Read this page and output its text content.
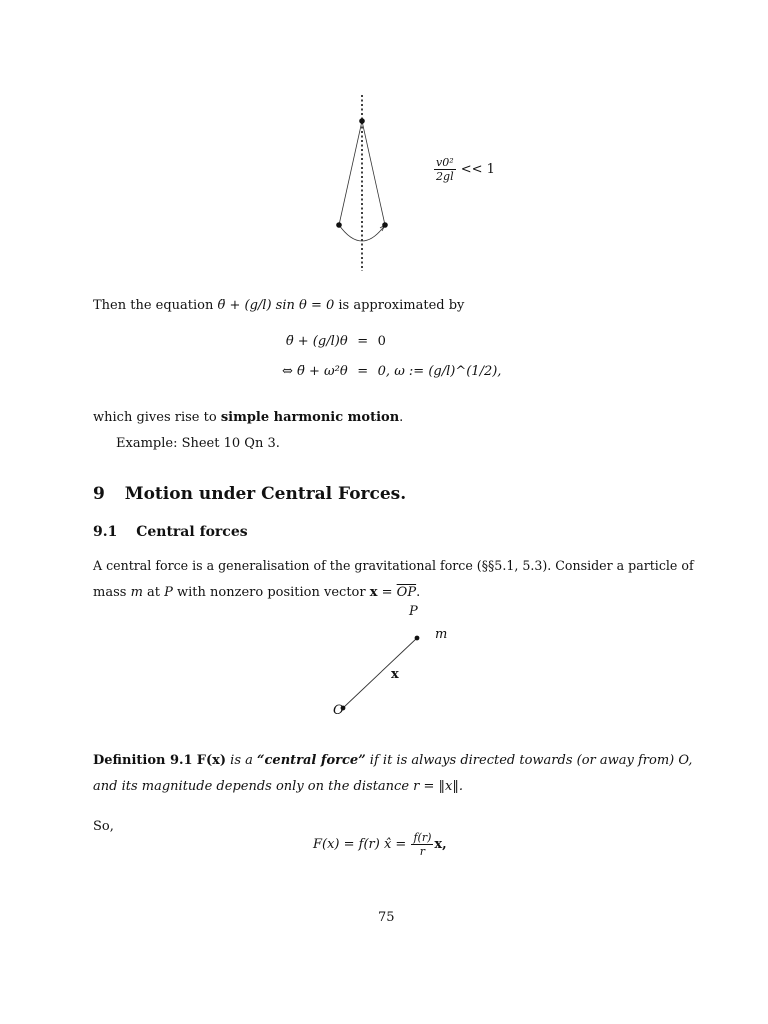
$\frac{\text{v0²}}{2gl} << 1$
Then the equation θ̈ + (g/l) sin θ = 0 is approximated by
θ̈ + (g/l)θ = 0
⇔ θ̈ + ω²θ = 0, ω := (g/l)^(1/2),
which gives rise to simple harmonic motion.
Example: Sheet 10 Qn 3.
9 Motion under Central Forces.
9.1 Central forces
A central force is a generalisation of the gravitational force (§§5.1, 5.3). Consider a particle of
mass m at P with nonzero position vector $x = \overline{OP}$.
P
m
x
O
Definition 9.1 F(x) is a “central force” if it is always directed towards (or away from) O,
and its magnitude depends only on the distance r = ‖x‖.
So,
F(x) = f(r) x̂ = $\frac{f(r)}{r} x$,
75
